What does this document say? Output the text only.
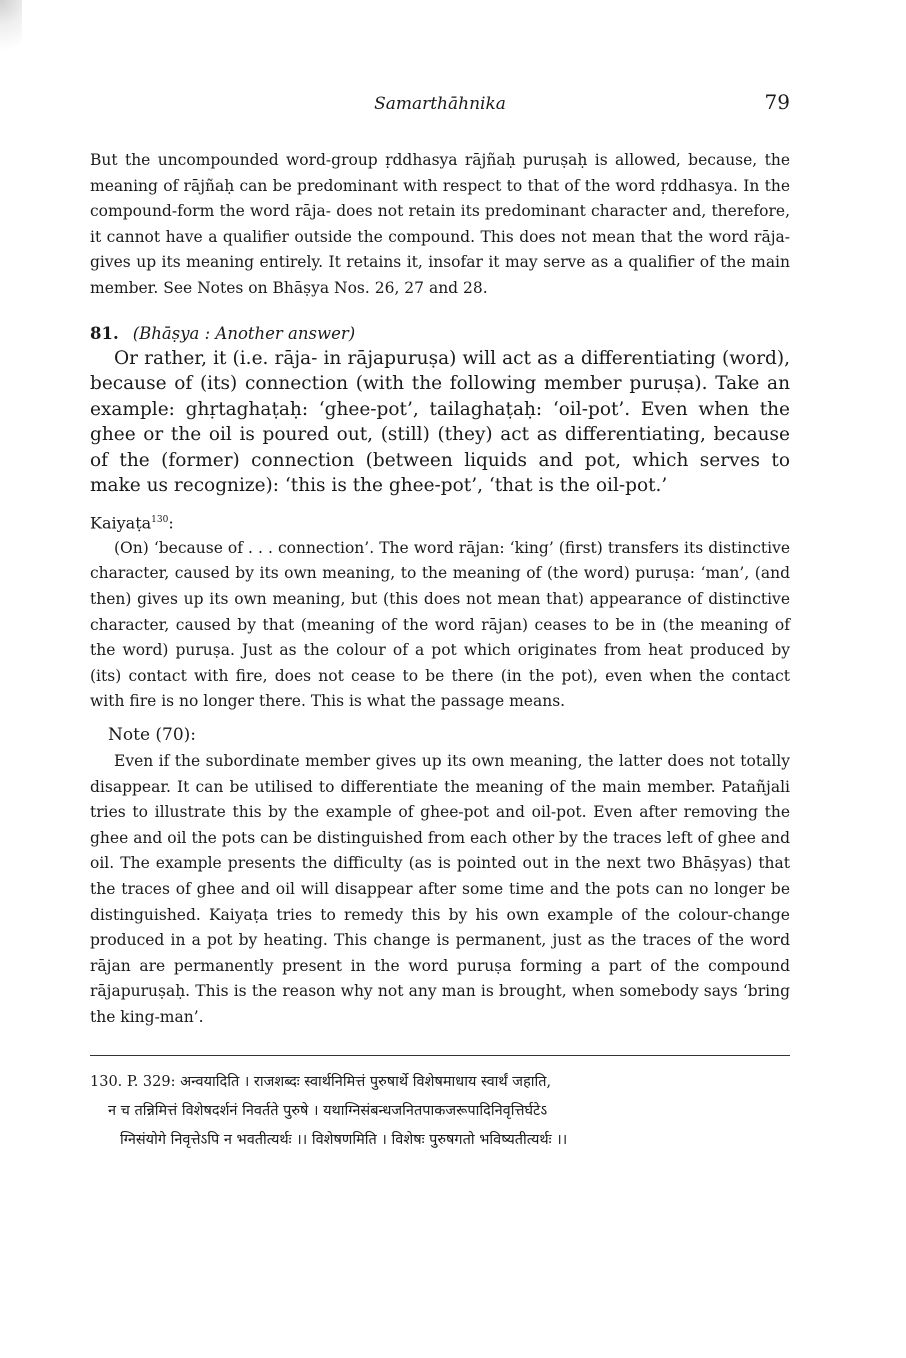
Samarthāhnika	79

But the uncompounded word-group ṛddhasya rājñaḥ puruṣaḥ is allowed, because, the meaning of rājñaḥ can be predominant with respect to that of the word ṛddhasya. In the compound-form the word rāja- does not retain its predominant character and, therefore, it cannot have a qualifier outside the compound. This does not mean that the word rāja- gives up its meaning entirely. It retains it, insofar it may serve as a qualifier of the main member. See Notes on Bhāṣya Nos. 26, 27 and 28.

81. (Bhāṣya : Another answer)

Or rather, it (i.e. rāja- in rājapuruṣa) will act as a differentiating (word), because of (its) connection (with the following member puruṣa). Take an example: ghṛtaghaṭaḥ: ‘ghee-pot’, tailaghaṭaḥ: ‘oil-pot’. Even when the ghee or the oil is poured out, (still) (they) act as differentiating, because of the (former) connection (between liquids and pot, which serves to make us recognize): ‘this is the ghee-pot’, ‘that is the oil-pot.’

Kaiyaṭa$^{130}$:

(On) ‘because of . . . connection’. The word rājan: ‘king’ (first) transfers its distinctive character, caused by its own meaning, to the meaning of (the word) puruṣa: ‘man’, (and then) gives up its own meaning, but (this does not mean that) appearance of distinctive character, caused by that (meaning of the word rājan) ceases to be in (the meaning of the word) puruṣa. Just as the colour of a pot which originates from heat produced by (its) contact with fire, does not cease to be there (in the pot), even when the contact with fire is no longer there. This is what the passage means.

Note (70):

Even if the subordinate member gives up its own meaning, the latter does not totally disappear. It can be utilised to differentiate the meaning of the main member. Patañjali tries to illustrate this by the example of ghee-pot and oil-pot. Even after removing the ghee and oil the pots can be distinguished from each other by the traces left of ghee and oil. The example presents the difficulty (as is pointed out in the next two Bhāṣyas) that the traces of ghee and oil will disappear after some time and the pots can no longer be distinguished. Kaiyaṭa tries to remedy this by his own example of the colour-change produced in a pot by heating. This change is permanent, just as the traces of the word rājan are permanently present in the word puruṣa forming a part of the compound rājapuruṣaḥ. This is the reason why not any man is brought, when somebody says ‘bring the king-man’.

130. P. 329: अन्वयादिति । राजशब्दः स्वार्थनिमित्तं पुरुषार्थे विशेषमाधाय स्वार्थं जहाति,
न च तन्निमित्तं विशेषदर्शनं निवर्तते पुरुषे । यथाग्निसंबन्धजनितपाकजरूपादिनिवृत्तिर्घटेऽ
ग्निसंयोगे निवृत्तेऽपि न भवतीत्यर्थः ।। विशेषणमिति । विशेषः पुरुषगतो भविष्यतीत्यर्थः ।।
